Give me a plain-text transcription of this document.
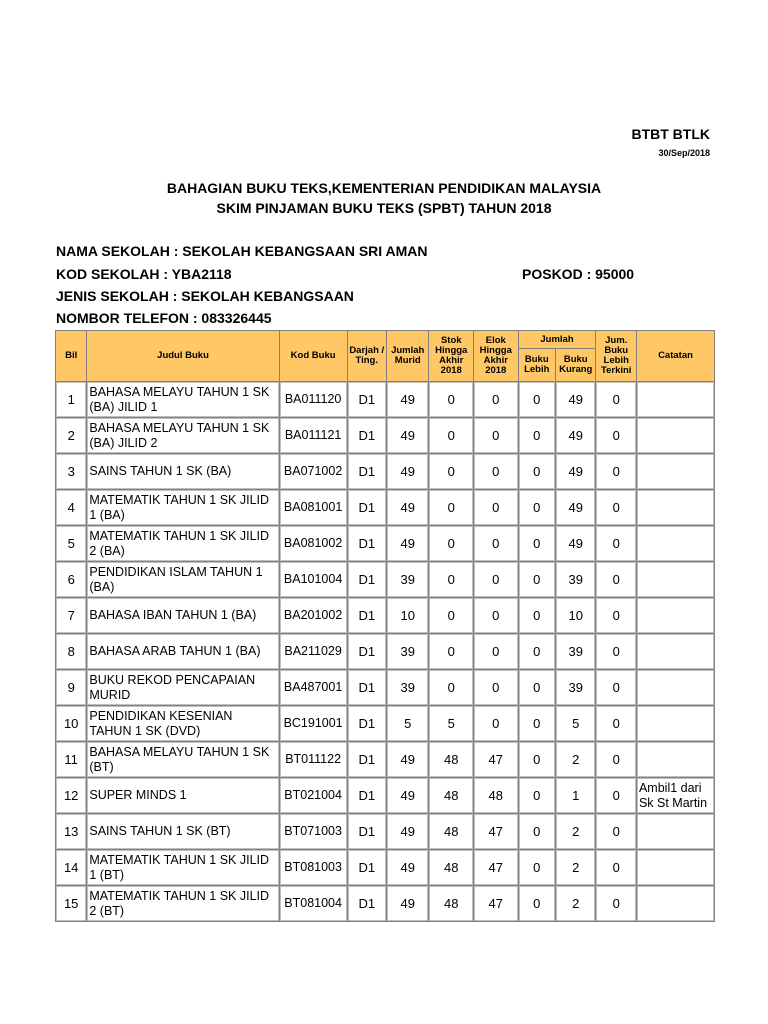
BTBT BTLK
30/Sep/2018
BAHAGIAN BUKU TEKS,KEMENTERIAN PENDIDIKAN MALAYSIA
SKIM PINJAMAN BUKU TEKS (SPBT) TAHUN 2018
NAMA SEKOLAH : SEKOLAH KEBANGSAAN SRI AMAN
KOD SEKOLAH : YBA2118	POSKOD : 95000
JENIS SEKOLAH : SEKOLAH KEBANGSAAN
NOMBOR TELEFON : 083326445
Bil	Judul Buku	Kod Buku	Darjah / Ting.	Jumlah Murid	Stok Hingga Akhir 2018	Elok Hingga Akhir 2018	Jumlah		Jum. Buku Lebih Terkini	Catatan
							Buku Lebih	Buku Kurang		
1	BAHASA MELAYU TAHUN 1 SK (BA) JILID 1	BA011120	D1	49	0	0	0	49	0	
2	BAHASA MELAYU TAHUN 1 SK (BA) JILID 2	BA011121	D1	49	0	0	0	49	0	
3	SAINS TAHUN 1 SK (BA)	BA071002	D1	49	0	0	0	49	0	
4	MATEMATIK TAHUN 1 SK JILID 1 (BA)	BA081001	D1	49	0	0	0	49	0	
5	MATEMATIK TAHUN 1 SK JILID 2 (BA)	BA081002	D1	49	0	0	0	49	0	
6	PENDIDIKAN ISLAM TAHUN 1 (BA)	BA101004	D1	39	0	0	0	39	0	
7	BAHASA IBAN TAHUN 1 (BA)	BA201002	D1	10	0	0	0	10	0	
8	BAHASA ARAB TAHUN 1 (BA)	BA211029	D1	39	0	0	0	39	0	
9	BUKU REKOD PENCAPAIAN MURID	BA487001	D1	39	0	0	0	39	0	
10	PENDIDIKAN KESENIAN TAHUN 1 SK (DVD)	BC191001	D1	5	5	0	0	5	0	
11	BAHASA MELAYU TAHUN 1 SK (BT)	BT011122	D1	49	48	47	0	2	0	
12	SUPER MINDS 1	BT021004	D1	49	48	48	0	1	0	Ambil1 dari Sk St Martin
13	SAINS TAHUN 1 SK (BT)	BT071003	D1	49	48	47	0	2	0	
14	MATEMATIK TAHUN 1 SK JILID 1 (BT)	BT081003	D1	49	48	47	0	2	0	
15	MATEMATIK TAHUN 1 SK JILID 2 (BT)	BT081004	D1	49	48	47	0	2	0	
